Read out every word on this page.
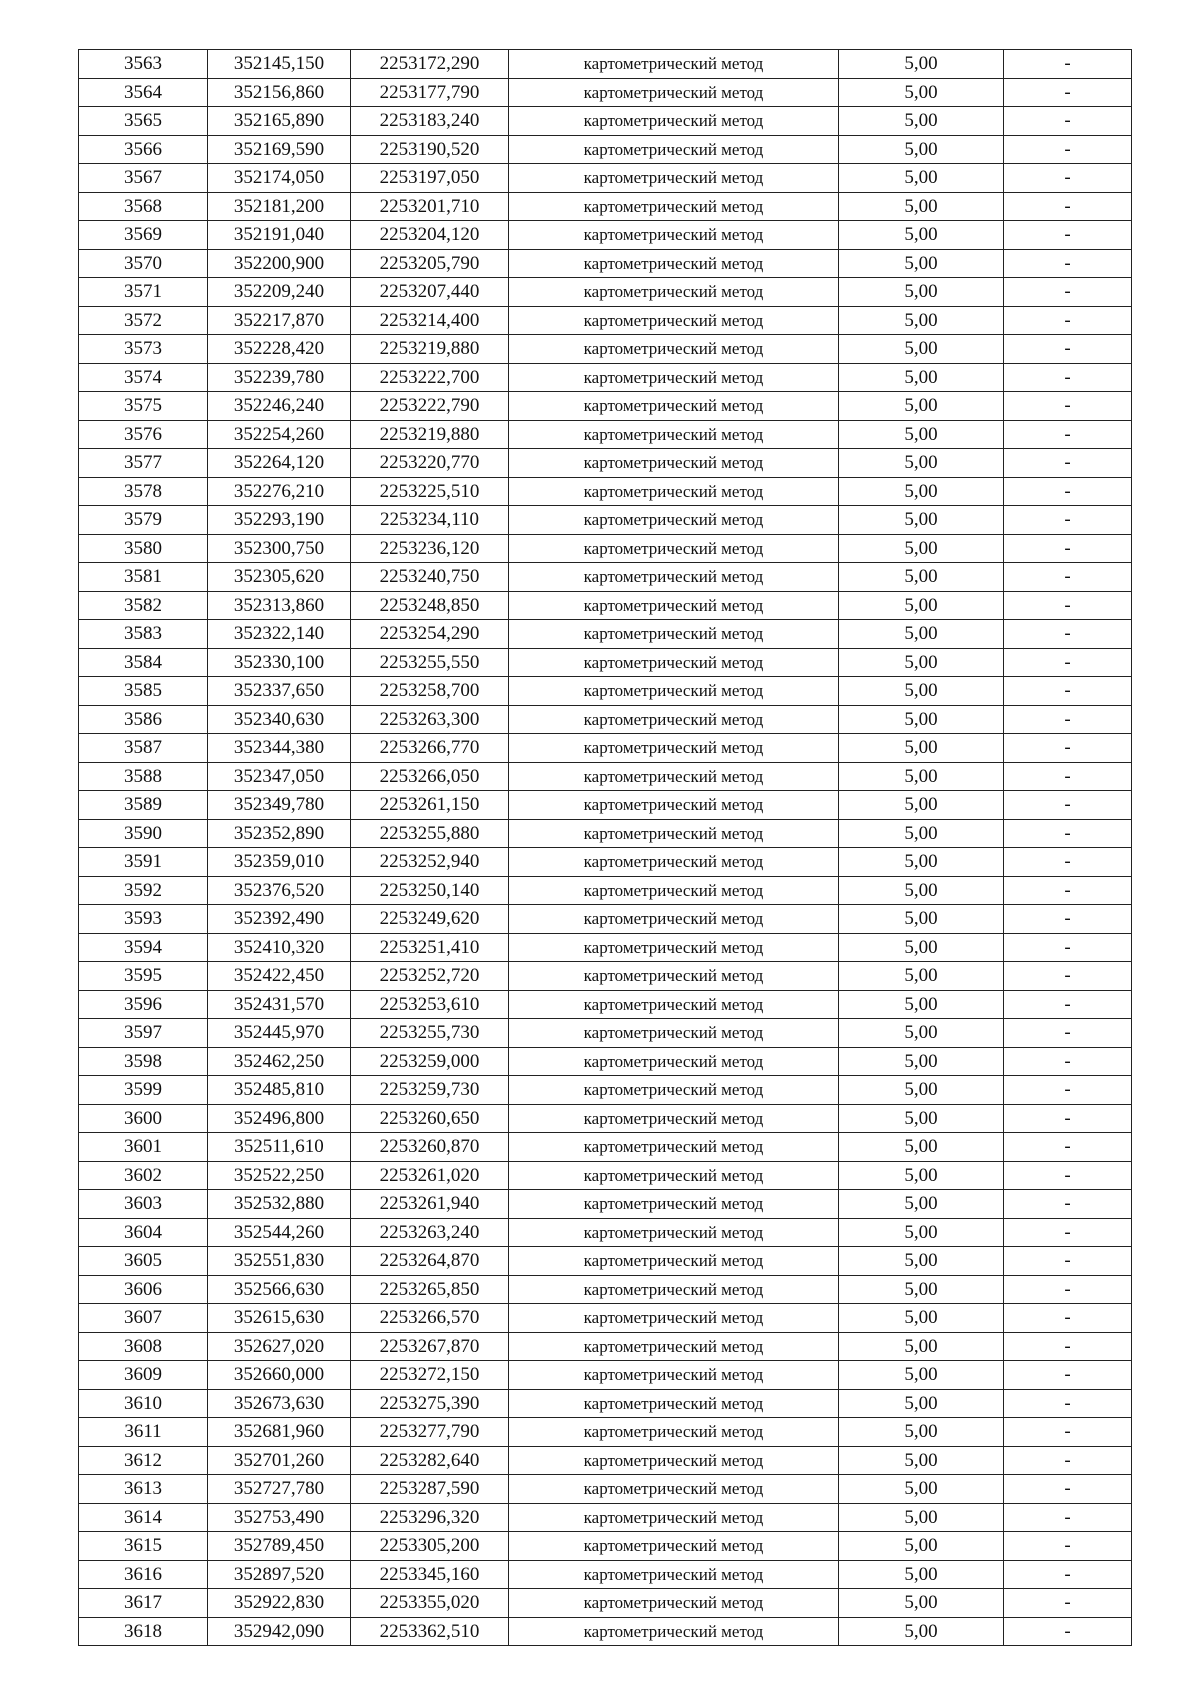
3563	352145,150	2253172,290	картометрический метод	5,00	-
3564	352156,860	2253177,790	картометрический метод	5,00	-
3565	352165,890	2253183,240	картометрический метод	5,00	-
3566	352169,590	2253190,520	картометрический метод	5,00	-
3567	352174,050	2253197,050	картометрический метод	5,00	-
3568	352181,200	2253201,710	картометрический метод	5,00	-
3569	352191,040	2253204,120	картометрический метод	5,00	-
3570	352200,900	2253205,790	картометрический метод	5,00	-
3571	352209,240	2253207,440	картометрический метод	5,00	-
3572	352217,870	2253214,400	картометрический метод	5,00	-
3573	352228,420	2253219,880	картометрический метод	5,00	-
3574	352239,780	2253222,700	картометрический метод	5,00	-
3575	352246,240	2253222,790	картометрический метод	5,00	-
3576	352254,260	2253219,880	картометрический метод	5,00	-
3577	352264,120	2253220,770	картометрический метод	5,00	-
3578	352276,210	2253225,510	картометрический метод	5,00	-
3579	352293,190	2253234,110	картометрический метод	5,00	-
3580	352300,750	2253236,120	картометрический метод	5,00	-
3581	352305,620	2253240,750	картометрический метод	5,00	-
3582	352313,860	2253248,850	картометрический метод	5,00	-
3583	352322,140	2253254,290	картометрический метод	5,00	-
3584	352330,100	2253255,550	картометрический метод	5,00	-
3585	352337,650	2253258,700	картометрический метод	5,00	-
3586	352340,630	2253263,300	картометрический метод	5,00	-
3587	352344,380	2253266,770	картометрический метод	5,00	-
3588	352347,050	2253266,050	картометрический метод	5,00	-
3589	352349,780	2253261,150	картометрический метод	5,00	-
3590	352352,890	2253255,880	картометрический метод	5,00	-
3591	352359,010	2253252,940	картометрический метод	5,00	-
3592	352376,520	2253250,140	картометрический метод	5,00	-
3593	352392,490	2253249,620	картометрический метод	5,00	-
3594	352410,320	2253251,410	картометрический метод	5,00	-
3595	352422,450	2253252,720	картометрический метод	5,00	-
3596	352431,570	2253253,610	картометрический метод	5,00	-
3597	352445,970	2253255,730	картометрический метод	5,00	-
3598	352462,250	2253259,000	картометрический метод	5,00	-
3599	352485,810	2253259,730	картометрический метод	5,00	-
3600	352496,800	2253260,650	картометрический метод	5,00	-
3601	352511,610	2253260,870	картометрический метод	5,00	-
3602	352522,250	2253261,020	картометрический метод	5,00	-
3603	352532,880	2253261,940	картометрический метод	5,00	-
3604	352544,260	2253263,240	картометрический метод	5,00	-
3605	352551,830	2253264,870	картометрический метод	5,00	-
3606	352566,630	2253265,850	картометрический метод	5,00	-
3607	352615,630	2253266,570	картометрический метод	5,00	-
3608	352627,020	2253267,870	картометрический метод	5,00	-
3609	352660,000	2253272,150	картометрический метод	5,00	-
3610	352673,630	2253275,390	картометрический метод	5,00	-
3611	352681,960	2253277,790	картометрический метод	5,00	-
3612	352701,260	2253282,640	картометрический метод	5,00	-
3613	352727,780	2253287,590	картометрический метод	5,00	-
3614	352753,490	2253296,320	картометрический метод	5,00	-
3615	352789,450	2253305,200	картометрический метод	5,00	-
3616	352897,520	2253345,160	картометрический метод	5,00	-
3617	352922,830	2253355,020	картометрический метод	5,00	-
3618	352942,090	2253362,510	картометрический метод	5,00	-
